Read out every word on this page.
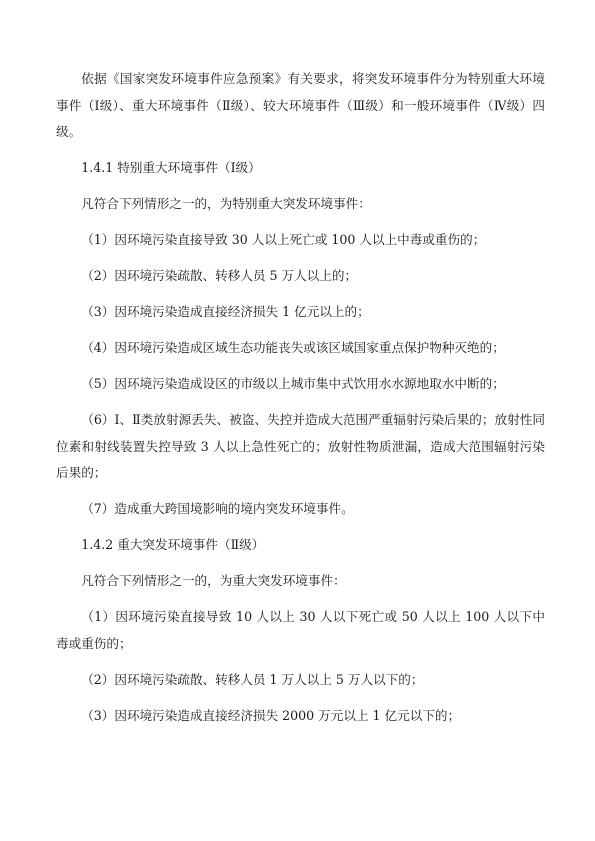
依据《国家突发环境事件应急预案》有关要求，将突发环境事件分为特别重大环境事件（Ⅰ级）、重大环境事件（Ⅱ级）、较大环境事件（Ⅲ级）和一般环境事件（Ⅳ级）四级。

1.4.1 特别重大环境事件（Ⅰ级）

凡符合下列情形之一的，为特别重大突发环境事件：

（1）因环境污染直接导致 30 人以上死亡或 100 人以上中毒或重伤的；

（2）因环境污染疏散、转移人员 5 万人以上的；

（3）因环境污染造成直接经济损失 1 亿元以上的；

（4）因环境污染造成区域生态功能丧失或该区域国家重点保护物种灭绝的；

（5）因环境污染造成设区的市级以上城市集中式饮用水水源地取水中断的；

（6）Ⅰ、Ⅱ类放射源丢失、被盗、失控并造成大范围严重辐射污染后果的；放射性同位素和射线装置失控导致 3 人以上急性死亡的；放射性物质泄漏，造成大范围辐射污染后果的；

（7）造成重大跨国境影响的境内突发环境事件。

1.4.2 重大突发环境事件（Ⅱ级）

凡符合下列情形之一的，为重大突发环境事件：

（1）因环境污染直接导致 10 人以上 30 人以下死亡或 50 人以上 100 人以下中毒或重伤的；

（2）因环境污染疏散、转移人员 1 万人以上 5 万人以下的；

（3）因环境污染造成直接经济损失 2000 万元以上 1 亿元以下的；
